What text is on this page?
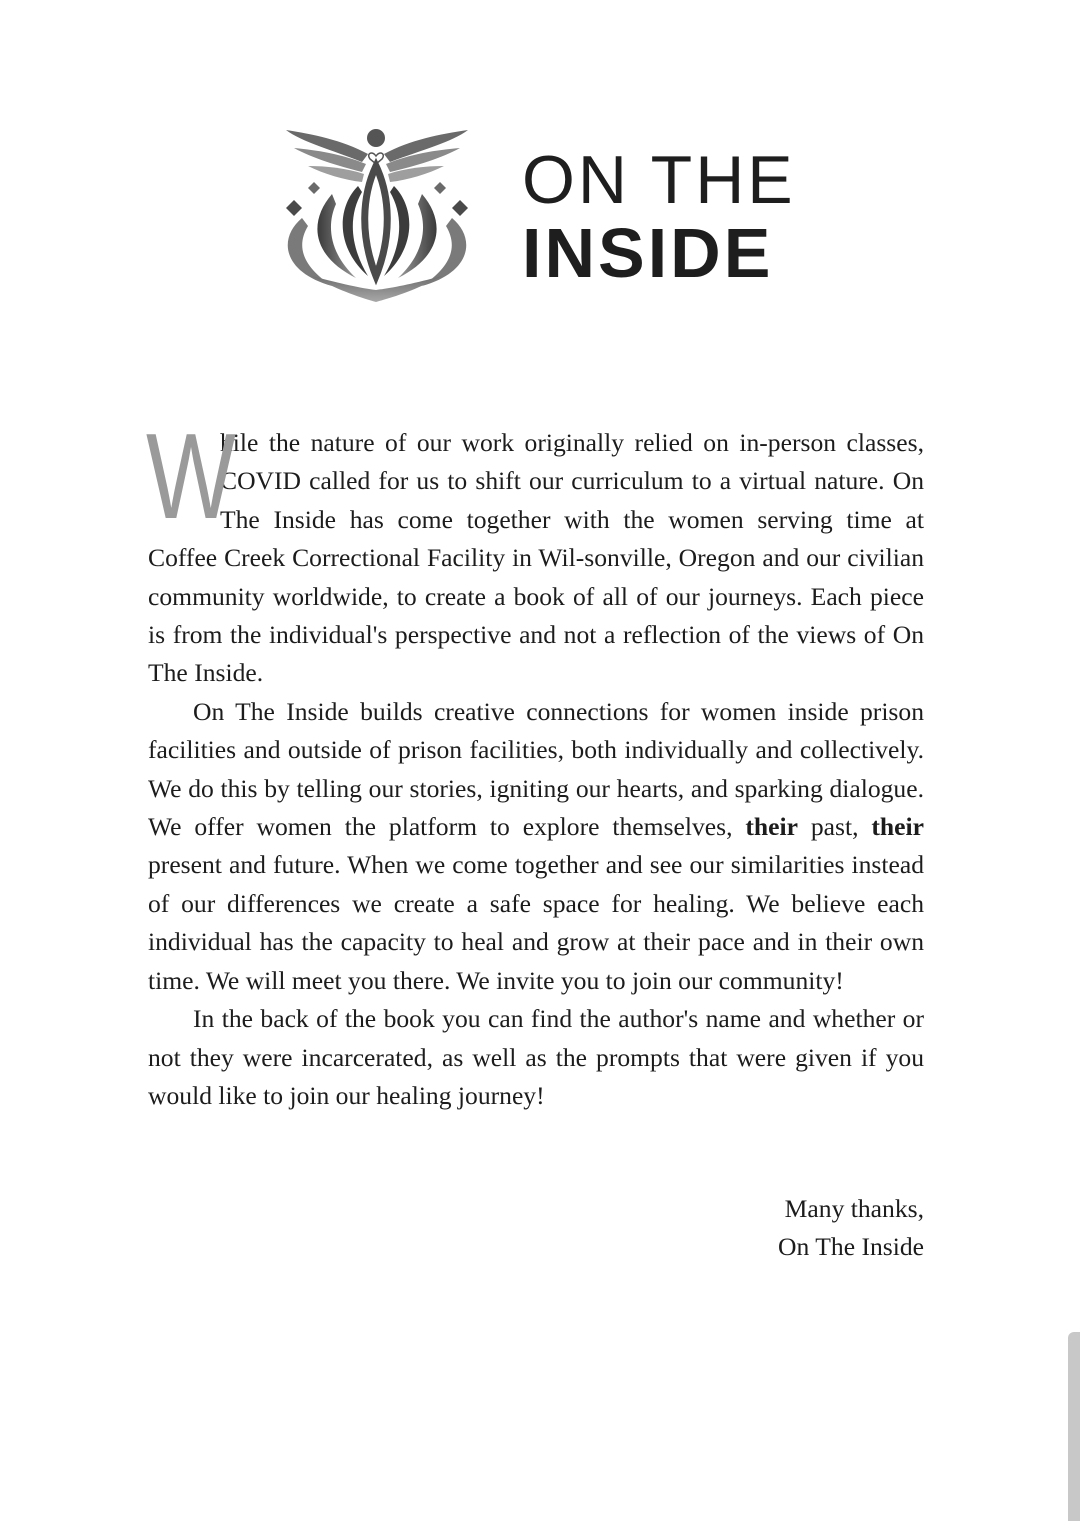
ON THE
INSIDE

W
hile the nature of our work originally relied on in-person classes, COVID called for us to shift our curriculum to a virtual nature. On The Inside has come together with the women serving time at Coffee Creek Correctional Facility in Wil-sonville, Oregon and our civilian community worldwide, to create a book of all of our journeys. Each piece is from the individual's perspective and not a reflection of the views of On The Inside.

On The Inside builds creative connections for women inside prison facilities and outside of prison facilities, both individually and collectively. We do this by telling our stories, igniting our hearts, and sparking dialogue. We offer women the platform to explore themselves, their past, their present and future. When we come together and see our similarities instead of our differences we create a safe space for healing. We believe each individual has the capacity to heal and grow at their pace and in their own time. We will meet you there. We invite you to join our community!

In the back of the book you can find the author's name and whether or not they were incarcerated, as well as the prompts that were given if you would like to join our healing journey!

Many thanks,
On The Inside
